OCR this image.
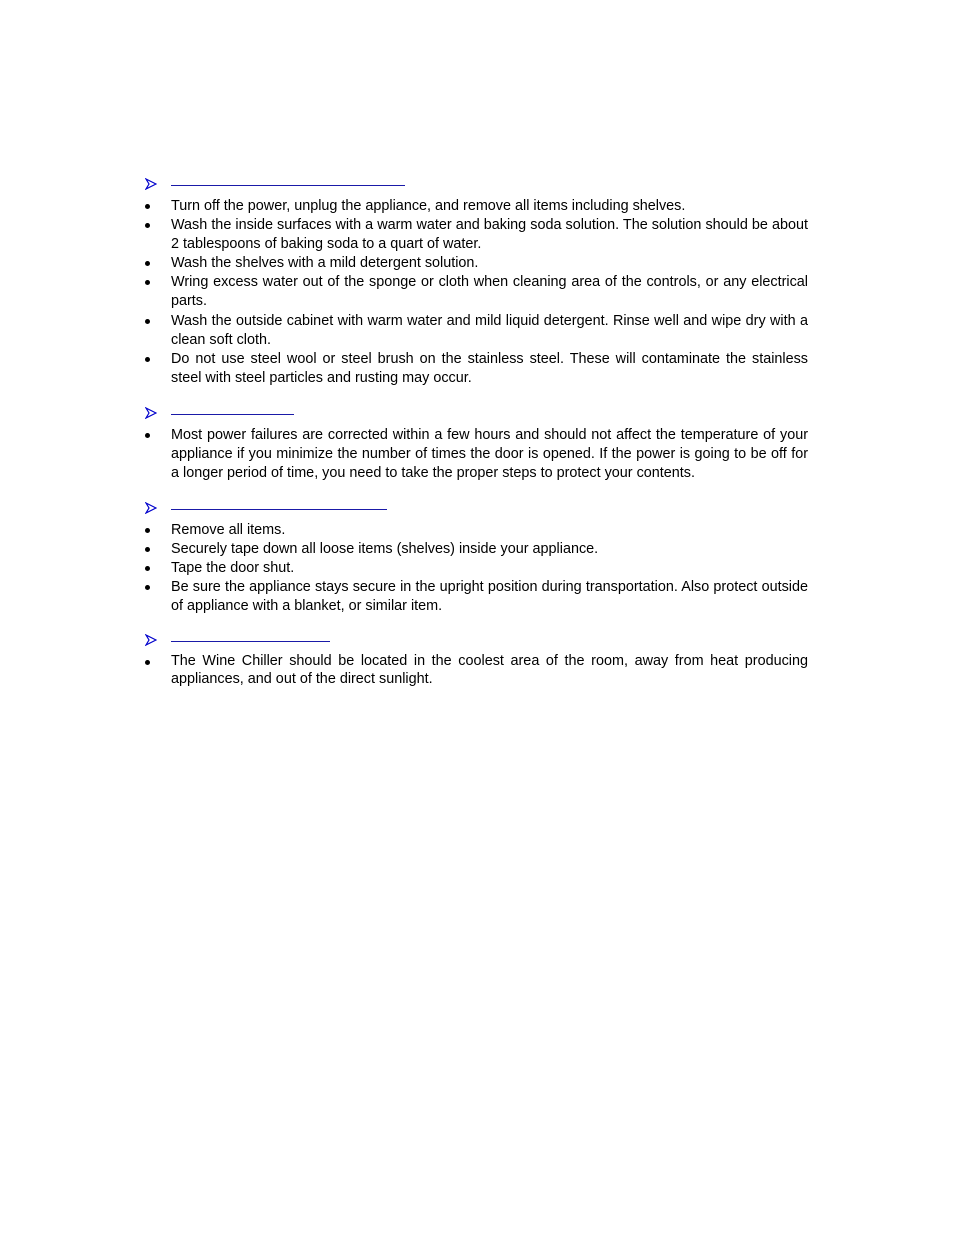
Turn off the power, unplug the appliance, and remove all items including shelves.
Wash the inside surfaces with a warm water and baking soda solution. The solution should be about 2 tablespoons of baking soda to a quart of water.
Wash the shelves with a mild detergent solution.
Wring excess water out of the sponge or cloth when cleaning area of the controls, or any electrical parts.
Wash the outside cabinet with warm water and mild liquid detergent. Rinse well and wipe dry with a clean soft cloth.
Do not use steel wool or steel brush on the stainless steel. These will contaminate the stainless steel with steel particles and rusting may occur.
Most power failures are corrected within a few hours and should not affect the temperature of your appliance if you minimize the number of times the door is opened. If the power is going to be off for a longer period of time, you need to take the proper steps to protect your contents.
Remove all items.
Securely tape down all loose items (shelves) inside your appliance.
Tape the door shut.
Be sure the appliance stays secure in the upright position during transportation. Also protect outside of appliance with a blanket, or similar item.
The Wine Chiller should be located in the coolest area of the room, away from heat producing appliances, and out of the direct sunlight.
